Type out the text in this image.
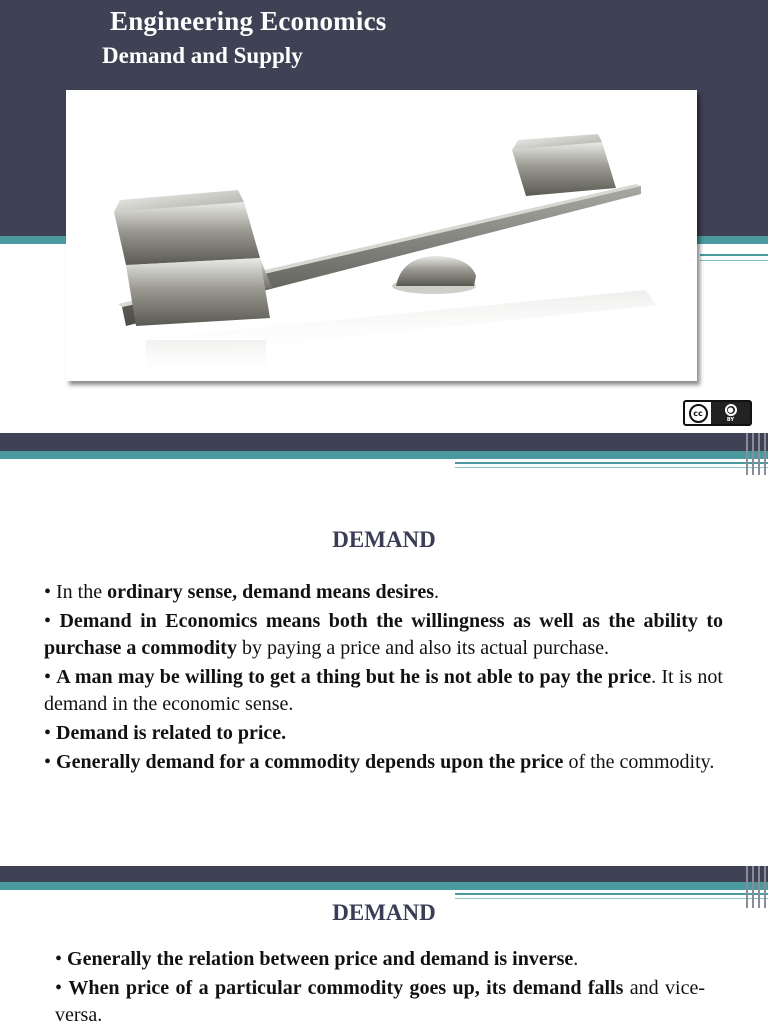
Engineering Economics
Demand and Supply
cc	●
BY
DEMAND

• In the ordinary sense, demand means desires.

• Demand in Economics means both the willingness as well as the ability to purchase a commodity by paying a price and also its actual purchase.

• A man may be willing to get a thing but he is not able to pay the price. It is not demand in the economic sense.

• Demand is related to price.

• Generally demand for a commodity depends upon the price of the commodity.

DEMAND

• Generally the relation between price and demand is inverse.

• When price of a particular commodity goes up, its demand falls and vice-versa.
